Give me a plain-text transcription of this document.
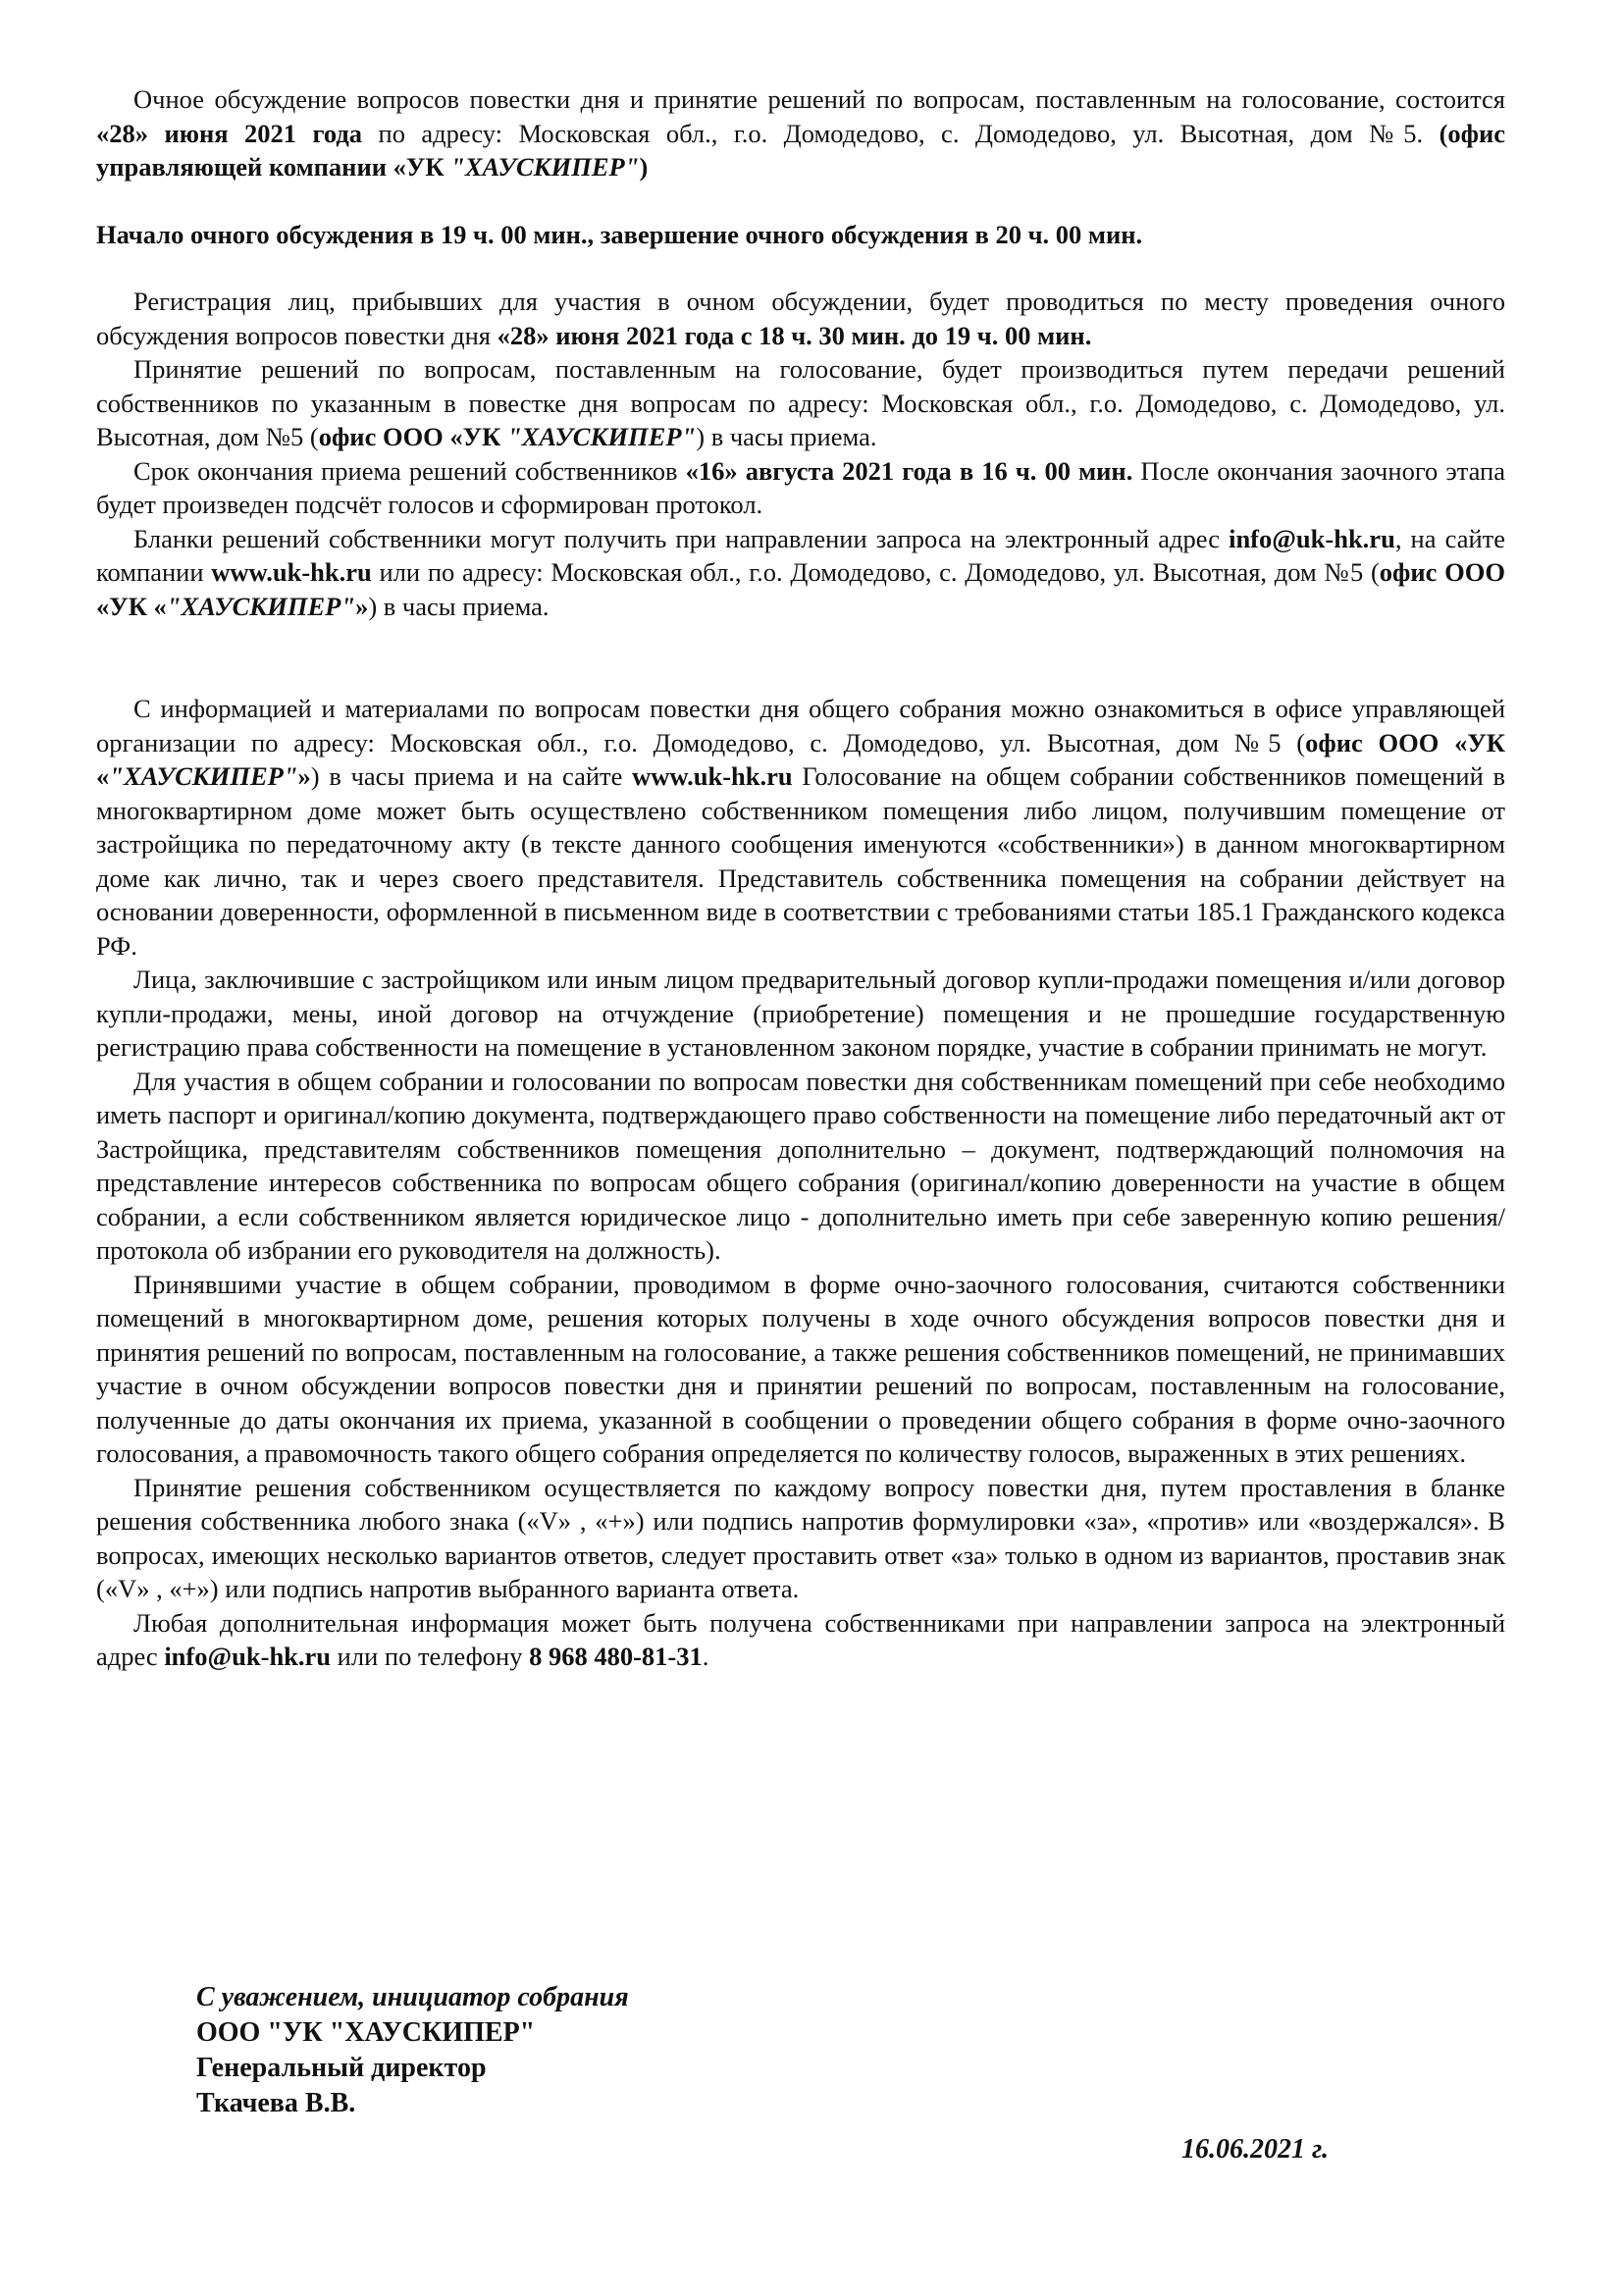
Очное обсуждение вопросов повестки дня и принятие решений по вопросам, поставленным на голосование, состоится «28» июня 2021 года по адресу: Московская обл., г.о. Домодедово, с. Домодедово, ул. Высотная, дом №5. (офис управляющей компании «УК "ХАУСКИПЕР")

Начало очного обсуждения в 19 ч. 00 мин., завершение очного обсуждения в 20 ч. 00 мин.

Регистрация лиц, прибывших для участия в очном обсуждении, будет проводиться по месту проведения очного обсуждения вопросов повестки дня «28» июня 2021 года с 18 ч. 30 мин. до 19 ч. 00 мин.

Принятие решений по вопросам, поставленным на голосование, будет производиться путем передачи решений собственников по указанным в повестке дня вопросам по адресу: Московская обл., г.о. Домодедово, с. Домодедово, ул. Высотная, дом №5 (офис ООО «УК "ХАУСКИПЕР") в часы приема.

Срок окончания приема решений собственников «16» августа 2021 года в 16 ч. 00 мин. После окончания заочного этапа будет произведен подсчёт голосов и сформирован протокол.

Бланки решений собственники могут получить при направлении запроса на электронный адрес info@uk-hk.ru, на сайте компании www.uk-hk.ru или по адресу: Московская обл., г.о. Домодедово, с. Домодедово, ул. Высотная, дом №5 (офис ООО «УК «"ХАУСКИПЕР"») в часы приема.

С информацией и материалами по вопросам повестки дня общего собрания можно ознакомиться в офисе управляющей организации по адресу: Московская обл., г.о. Домодедово, с. Домодедово, ул. Высотная, дом №5 (офис ООО «УК «"ХАУСКИПЕР"») в часы приема и на сайте www.uk-hk.ru Голосование на общем собрании собственников помещений в многоквартирном доме может быть осуществлено собственником помещения либо лицом, получившим помещение от застройщика по передаточному акту (в тексте данного сообщения именуются «собственники») в данном многоквартирном доме как лично, так и через своего представителя. Представитель собственника помещения на собрании действует на основании доверенности, оформленной в письменном виде в соответствии с требованиями статьи 185.1 Гражданского кодекса РФ.

Лица, заключившие с застройщиком или иным лицом предварительный договор купли-продажи помещения и/или договор купли-продажи, мены, иной договор на отчуждение (приобретение) помещения и не прошедшие государственную регистрацию права собственности на помещение в установленном законом порядке, участие в собрании принимать не могут.

Для участия в общем собрании и голосовании по вопросам повестки дня собственникам помещений при себе необходимо иметь паспорт и оригинал/копию документа, подтверждающего право собственности на помещение либо передаточный акт от Застройщика, представителям собственников помещения дополнительно – документ, подтверждающий полномочия на представление интересов собственника по вопросам общего собрания (оригинал/копию доверенности на участие в общем собрании, а если собственником является юридическое лицо - дополнительно иметь при себе заверенную копию решения/протокола об избрании его руководителя на должность).

Принявшими участие в общем собрании, проводимом в форме очно-заочного голосования, считаются собственники помещений в многоквартирном доме, решения которых получены в ходе очного обсуждения вопросов повестки дня и принятия решений по вопросам, поставленным на голосование, а также решения собственников помещений, не принимавших участие в очном обсуждении вопросов повестки дня и принятии решений по вопросам, поставленным на голосование, полученные до даты окончания их приема, указанной в сообщении о проведении общего собрания в форме очно-заочного голосования, а правомочность такого общего собрания определяется по количеству голосов, выраженных в этих решениях.

Принятие решения собственником осуществляется по каждому вопросу повестки дня, путем проставления в бланке решения собственника любого знака («V» , «+») или подпись напротив формулировки «за», «против» или «воздержался». В вопросах, имеющих несколько вариантов ответов, следует проставить ответ «за» только в одном из вариантов, проставив знак («V» , «+») или подпись напротив выбранного варианта ответа.

Любая дополнительная информация может быть получена собственниками при направлении запроса на электронный адрес info@uk-hk.ru или по телефону 8 968 480-81-31.

С уважением, инициатор собрания
ООО "УК "ХАУСКИПЕР"
Генеральный директор
Ткачева В.В.
16.06.2021 г.
